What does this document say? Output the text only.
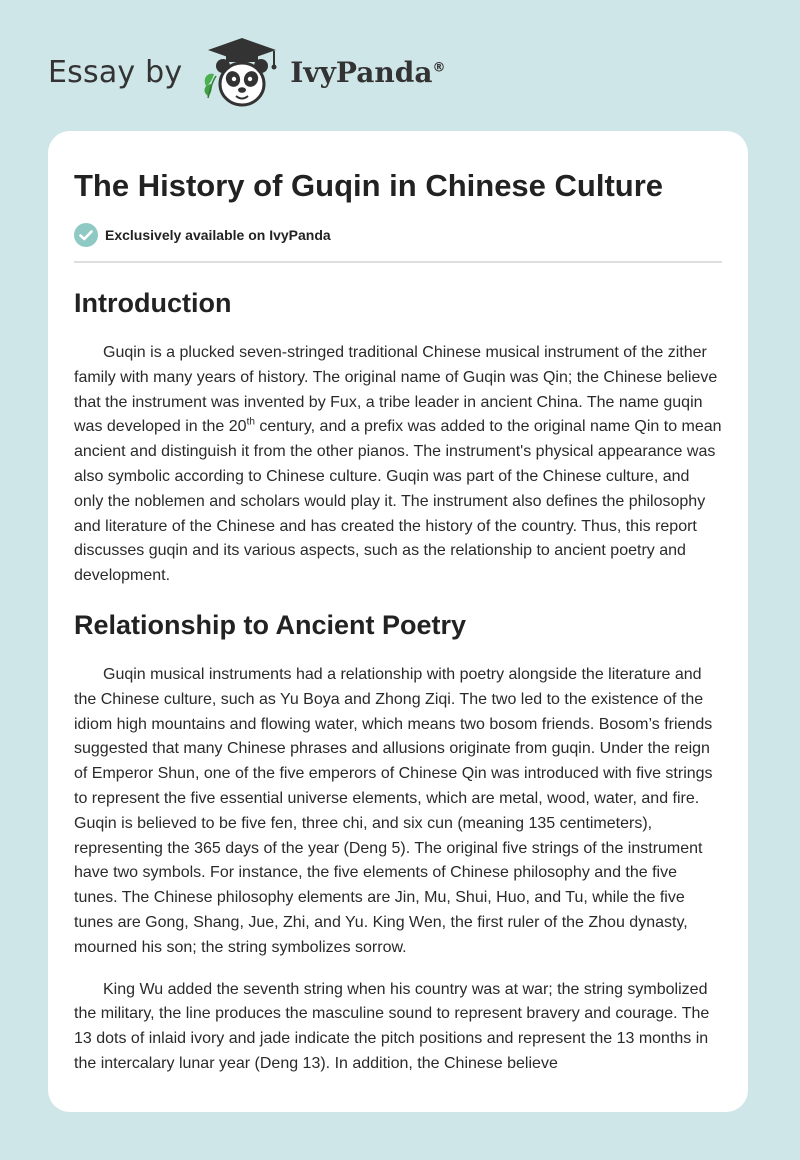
Essay by	IvyPanda®
The History of Guqin in Chinese Culture
Exclusively available on IvyPanda
Introduction

Guqin is a plucked seven-stringed traditional Chinese musical instrument of the zither family with many years of history. The original name of Guqin was Qin; the Chinese believe that the instrument was invented by Fux, a tribe leader in ancient China. The name guqin was developed in the 20th century, and a prefix was added to the original name Qin to mean ancient and distinguish it from the other pianos. The instrument's physical appearance was also symbolic according to Chinese culture. Guqin was part of the Chinese culture, and only the noblemen and scholars would play it. The instrument also defines the philosophy and literature of the Chinese and has created the history of the country. Thus, this report discusses guqin and its various aspects, such as the relationship to ancient poetry and development.

Relationship to Ancient Poetry

Guqin musical instruments had a relationship with poetry alongside the literature and the Chinese culture, such as Yu Boya and Zhong Ziqi. The two led to the existence of the idiom high mountains and flowing water, which means two bosom friends. Bosom’s friends suggested that many Chinese phrases and allusions originate from guqin. Under the reign of Emperor Shun, one of the five emperors of Chinese Qin was introduced with five strings to represent the five essential universe elements, which are metal, wood, water, and fire. Guqin is believed to be five fen, three chi, and six cun (meaning 135 centimeters), representing the 365 days of the year (Deng 5). The original five strings of the instrument have two symbols. For instance, the five elements of Chinese philosophy and the five tunes. The Chinese philosophy elements are Jin, Mu, Shui, Huo, and Tu, while the five tunes are Gong, Shang, Jue, Zhi, and Yu. King Wen, the first ruler of the Zhou dynasty, mourned his son; the string symbolizes sorrow.

King Wu added the seventh string when his country was at war; the string symbolized the military, the line produces the masculine sound to represent bravery and courage. The 13 dots of inlaid ivory and jade indicate the pitch positions and represent the 13 months in the intercalary lunar year (Deng 13). In addition, the Chinese believe
